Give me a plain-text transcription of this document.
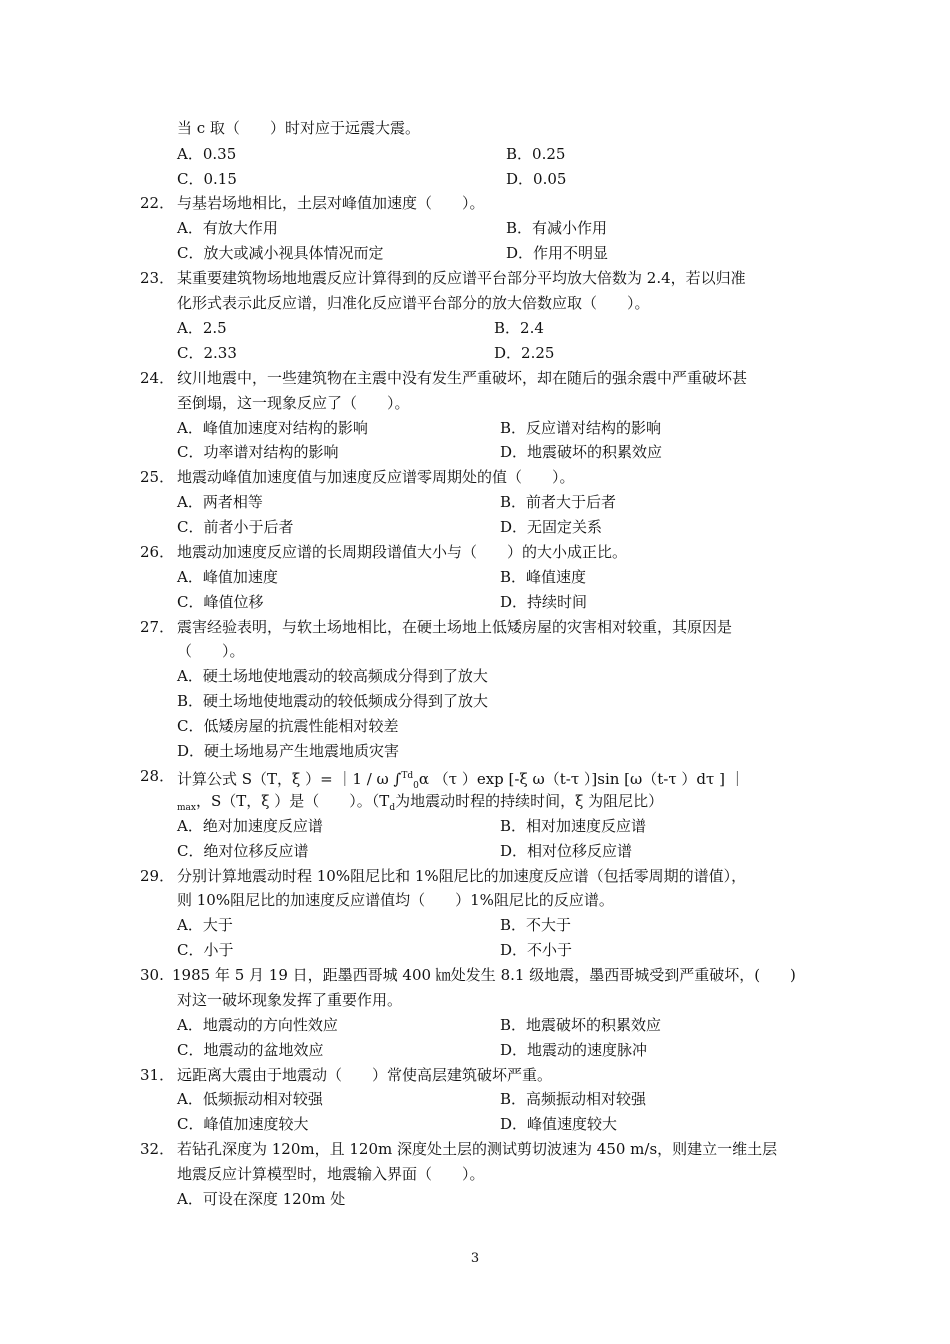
当 c 取（　　）时对应于远震大震。
A．0.35	B．0.25
C．0.15	D．0.05
22． 与基岩场地相比，土层对峰值加速度（　　）。
A．有放大作用	B．有减小作用
C．放大或减小视具体情况而定	D．作用不明显
23． 某重要建筑物场地地震反应计算得到的反应谱平台部分平均放大倍数为 2.4，若以归准
化形式表示此反应谱，归准化反应谱平台部分的放大倍数应取（　　）。
A．2.5	B．2.4
C．2.33	D．2.25
24． 纹川地震中，一些建筑物在主震中没有发生严重破坏，却在随后的强余震中严重破坏甚
至倒塌，这一现象反应了（　　）。
A．峰值加速度对结构的影响	B．反应谱对结构的影响
C．功率谱对结构的影响	D．地震破坏的积累效应
25． 地震动峰值加速度值与加速度反应谱零周期处的值（　　）。
A．两者相等	B．前者大于后者
C．前者小于后者	D．无固定关系
26． 地震动加速度反应谱的长周期段谱值大小与（　　）的大小成正比。
A．峰值加速度	B．峰值速度
C．峰值位移	D．持续时间
27． 震害经验表明，与软土场地相比，在硬土场地上低矮房屋的灾害相对较重，其原因是
（　　）。
A．硬土场地使地震动的较高频成分得到了放大
B．硬土场地使地震动的较低频成分得到了放大
C．低矮房屋的抗震性能相对较差
D．硬土场地易产生地震地质灾害
28． 计算公式 S（T，ξ ）= ｜1 / ω ∫$^{Td}_0$α （τ ）exp [-ξ ω（t-τ ）]sin [ω（t-τ ）dτ ] ｜
$_{max}$，S（T，ξ ）是（　　）。（$T_d$为地震动时程的持续时间，ξ 为阻尼比）
A．绝对加速度反应谱	B．相对加速度反应谱
C．绝对位移反应谱	D．相对位移反应谱
29． 分别计算地震动时程 10%阻尼比和 1%阻尼比的加速度反应谱（包括零周期的谱值），
则 10%阻尼比的加速度反应谱值均（　　）1%阻尼比的反应谱。
A．大于	B．不大于
C．小于	D．不小于
30. 1985 年 5 月 19 日，距墨西哥城 400 ㎞处发生 8.1 级地震，墨西哥城受到严重破坏，(　　)
对这一破坏现象发挥了重要作用。
A．地震动的方向性效应	B．地震破坏的积累效应
C．地震动的盆地效应	D．地震动的速度脉冲
31． 远距离大震由于地震动（　　）常使高层建筑破坏严重。
A．低频振动相对较强	B．高频振动相对较强
C．峰值加速度较大	D．峰值速度较大
32． 若钻孔深度为 120m，且 120m 深度处土层的测试剪切波速为 450 m/s，则建立一维土层
地震反应计算模型时，地震输入界面（　　）。
A．可设在深度 120m 处
3
